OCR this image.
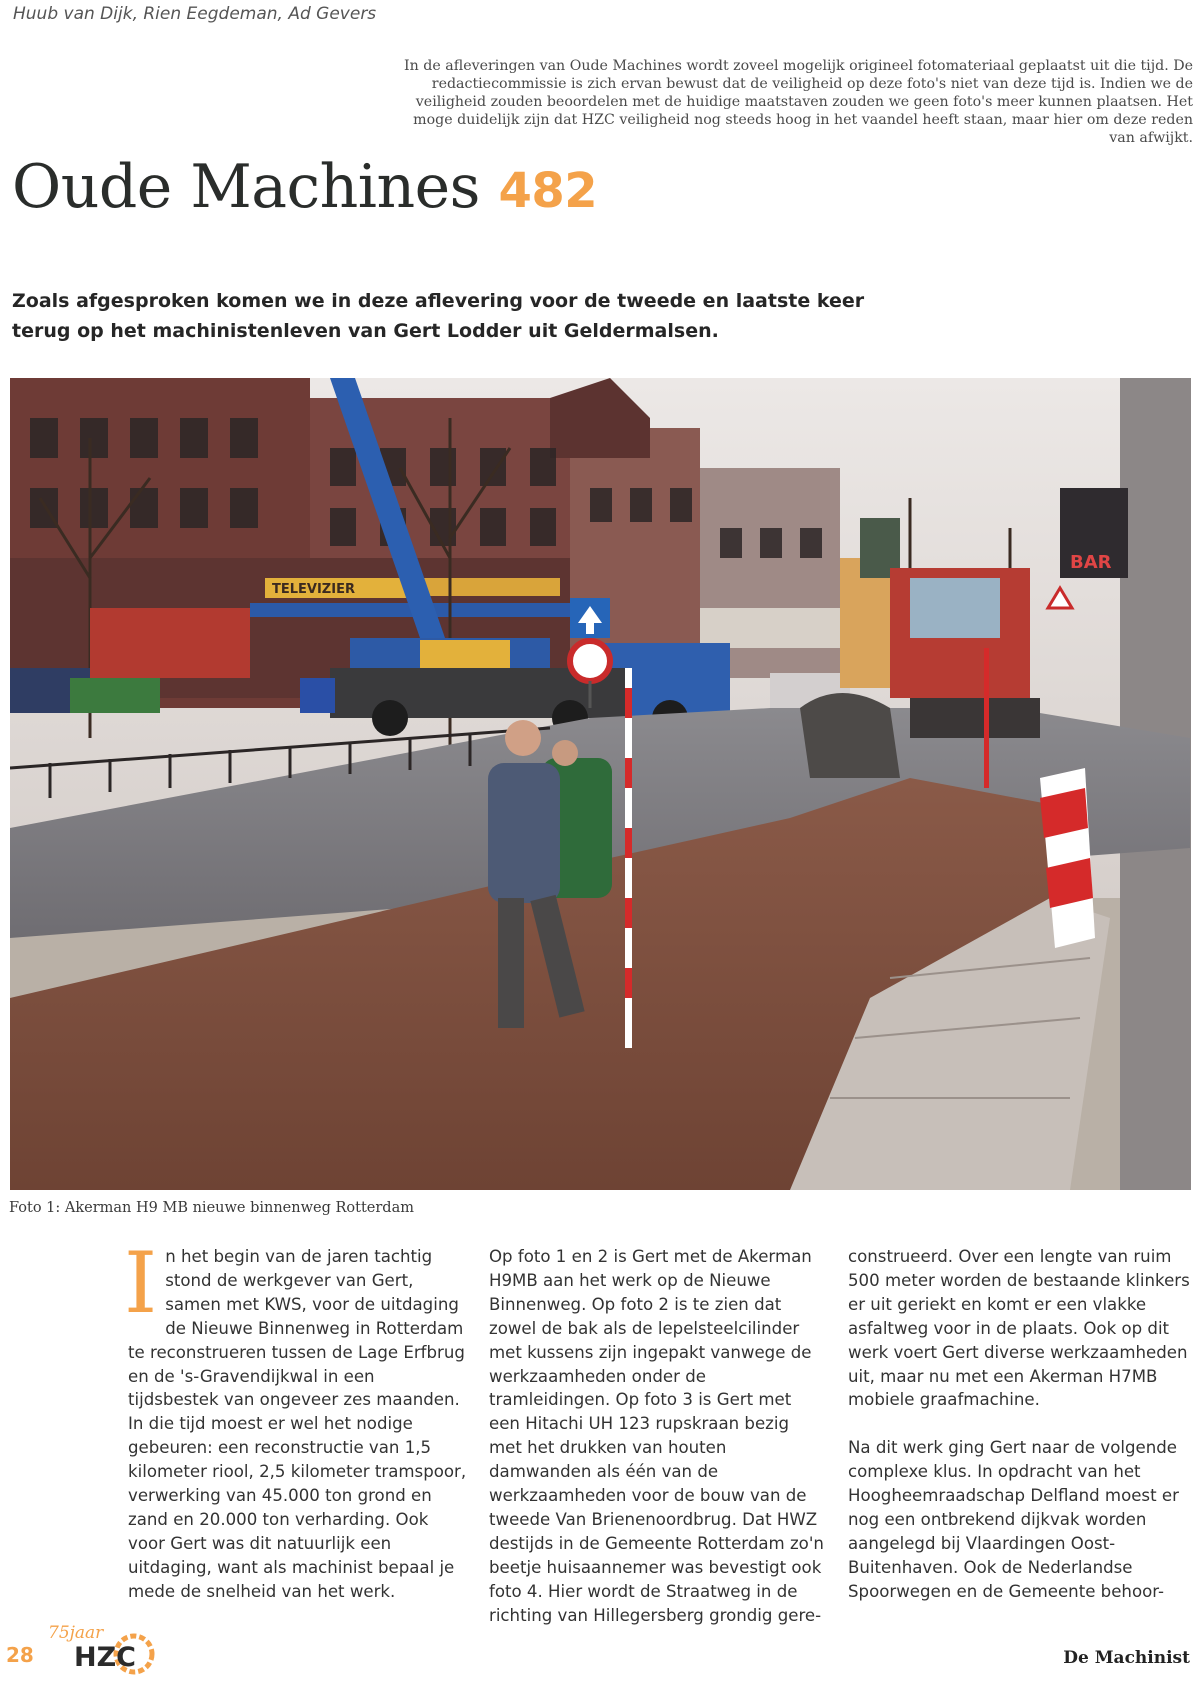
Huub van Dijk, Rien Eegdeman, Ad Gevers
In de afleveringen van Oude Machines wordt zoveel mogelijk origineel fotomateriaal geplaatst uit die tijd. De redactiecommissie is zich ervan bewust dat de veiligheid op deze foto's niet van deze tijd is. Indien we de veiligheid zouden beoordelen met de huidige maatstaven zouden we geen foto's meer kunnen plaatsen. Het moge duidelijk zijn dat HZC veiligheid nog steeds hoog in het vaandel heeft staan, maar hier om deze reden van afwijkt.
Oude Machines 482
Zoals afgesproken komen we in deze aflevering voor de tweede en laatste keer terug op het machinistenleven van Gert Lodder uit Geldermalsen.
TELEVIZIER
BAR
Foto 1: Akerman H9 MB nieuwe binnenweg Rotterdam

In het begin van de jaren tachtig stond de werkgever van Gert, samen met KWS, voor de uitdaging de Nieuwe Binnenweg in Rotterdam te reconstrueren tussen de Lage Erfbrug en de 's-Gravendijkwal in een tijdsbestek van ongeveer zes maanden. In die tijd moest er wel het nodige gebeuren: een reconstructie van 1,5 kilometer riool, 2,5 kilometer tramspoor, verwerking van 45.000 ton grond en zand en 20.000 ton verharding. Ook voor Gert was dit natuurlijk een uitdaging, want als machinist bepaal je mede de snelheid van het werk.

Op foto 1 en 2 is Gert met de Akerman H9MB aan het werk op de Nieuwe Binnenweg. Op foto 2 is te zien dat zowel de bak als de lepelsteelcilinder met kussens zijn ingepakt vanwege de werkzaamheden onder de tramleidingen. Op foto 3 is Gert met een Hitachi UH 123 rupskraan bezig met het drukken van houten damwanden als één van de werkzaamheden voor de bouw van de tweede Van Brienenoordbrug. Dat HWZ destijds in de Gemeente Rotterdam zo'n beetje huisaannemer was bevestigt ook foto 4. Hier wordt de Straatweg in de richting van Hillegersberg grondig gere-

construeerd. Over een lengte van ruim 500 meter worden de bestaande klinkers er uit geriekt en komt er een vlakke asfaltweg voor in de plaats. Ook op dit werk voert Gert diverse werkzaamheden uit, maar nu met een Akerman H7MB mobiele graafmachine.

Na dit werk ging Gert naar de volgende complexe klus. In opdracht van het Hoogheemraadschap Delfland moest er nog een ontbrekend dijkvak worden aangelegd bij Vlaardingen Oost-Buitenhaven. Ook de Nederlandse Spoorwegen en de Gemeente behoor-

28
75jaar
HZC	De Machinist
